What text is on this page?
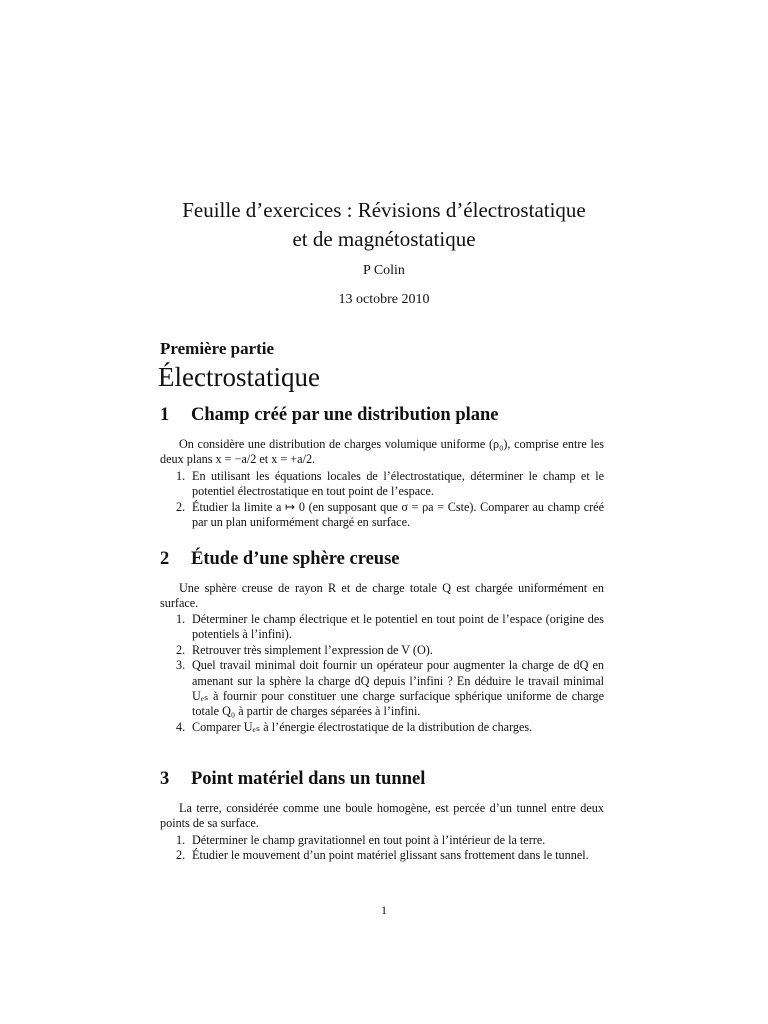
Feuille d’exercices : Révisions d’électrostatique
et de magnétostatique
P Colin
13 octobre 2010
Première partie
Électrostatique
1 Champ créé par une distribution plane

On considère une distribution de charges volumique uniforme (ρ₀), comprise entre les deux plans x = −a/2 et x = +a/2.

1. En utilisant les équations locales de l’électrostatique, déterminer le champ et le potentiel électrostatique en tout point de l’espace.
2. Étudier la limite a ↦ 0 (en supposant que σ = ρa = Cste). Comparer au champ créé par un plan uniformément chargé en surface.
2 Étude d’une sphère creuse

Une sphère creuse de rayon R et de charge totale Q est chargée uniformément en surface.

1. Déterminer le champ électrique et le potentiel en tout point de l’espace (origine des potentiels à l’infini).
2. Retrouver très simplement l’expression de V (O).
3. Quel travail minimal doit fournir un opérateur pour augmenter la charge de dQ en amenant sur la sphère la charge dQ depuis l’infini ? En déduire le travail minimal Uₑₛ à fournir pour constituer une charge surfacique sphérique uniforme de charge totale Q₀ à partir de charges séparées à l’infini.
4. Comparer Uₑₛ à l’énergie électrostatique de la distribution de charges.
3 Point matériel dans un tunnel

La terre, considérée comme une boule homogène, est percée d’un tunnel entre deux points de sa surface.

1. Déterminer le champ gravitationnel en tout point à l’intérieur de la terre.
2. Étudier le mouvement d’un point matériel glissant sans frottement dans le tunnel.
1
